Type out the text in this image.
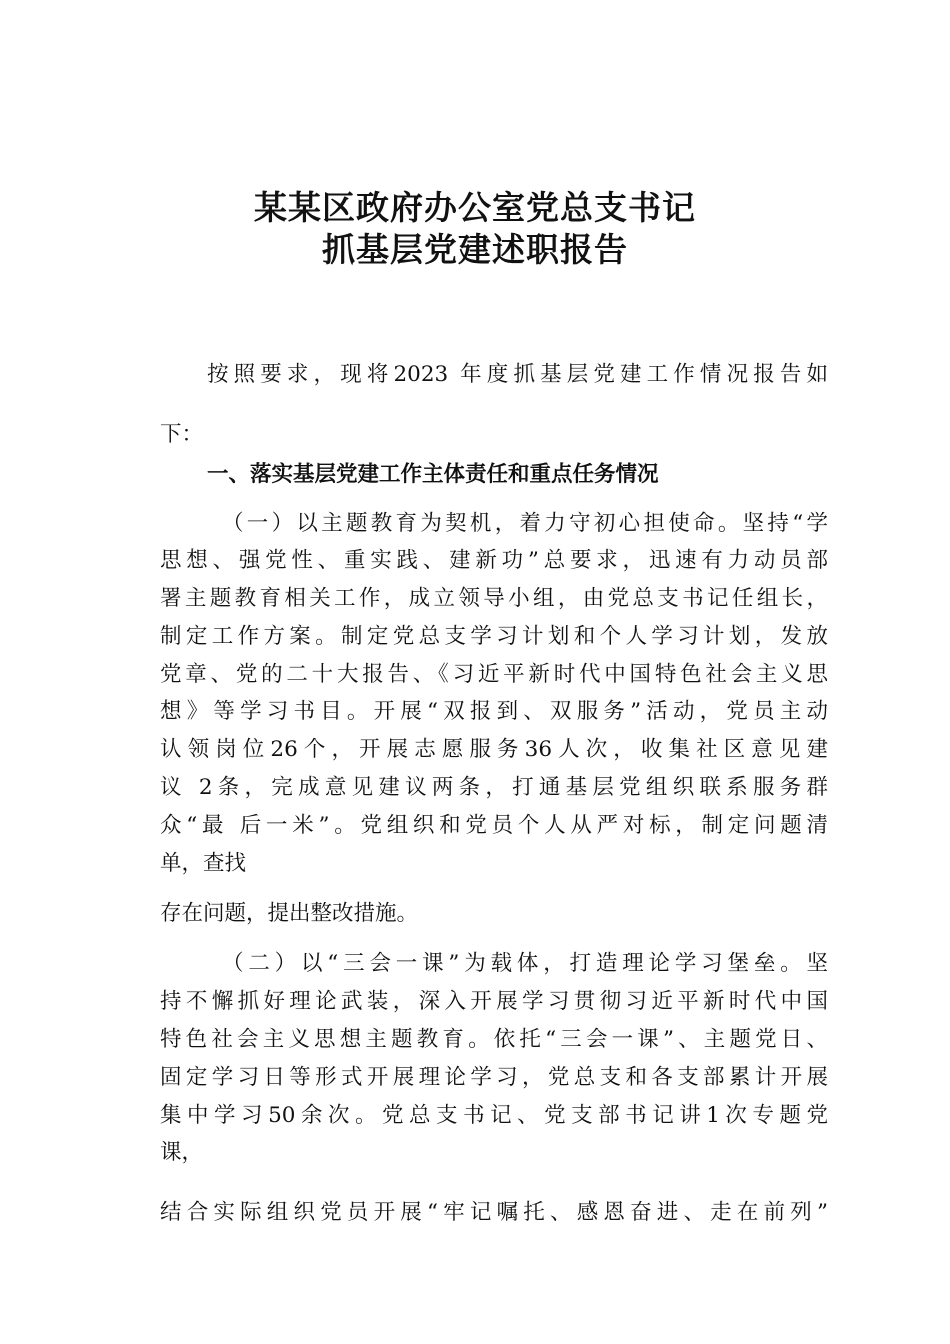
某某区政府办公室党总支书记
抓基层党建述职报告
按照要求，现将2023 年度抓基层党建工作情况报告如
下：
一、落实基层党建工作主体责任和重点任务情况
（一）以主题教育为契机，着力守初心担使命。坚持“学
思想、强党性、重实践、建新功”总要求，迅速有力动员部
署主题教育相关工作，成立领导小组，由党总支书记任组长，
制定工作方案。制定党总支学习计划和个人学习计划，发放
党章、党的二十大报告、《习近平新时代中国特色社会主义思
想》等学习书目。开展“双报到、双服务”活动，党员主动
认领岗位26个，开展志愿服务36人次，收集社区意见建
议 2条，完成意见建议两条，打通基层党组织联系服务群
众“最 后一米”。党组织和党员个人从严对标，制定问题清
单，查找
存在问题，提出整改措施。
（二）以“三会一课”为载体，打造理论学习堡垒。坚
持不懈抓好理论武装，深入开展学习贯彻习近平新时代中国
特色社会主义思想主题教育。依托“三会一课”、主题党日、
固定学习日等形式开展理论学习，党总支和各支部累计开展
集中学习50余次。党总支书记、党支部书记讲1次专题党
课，
结合实际组织党员开展“牢记嘱托、感恩奋进、走在前列”
